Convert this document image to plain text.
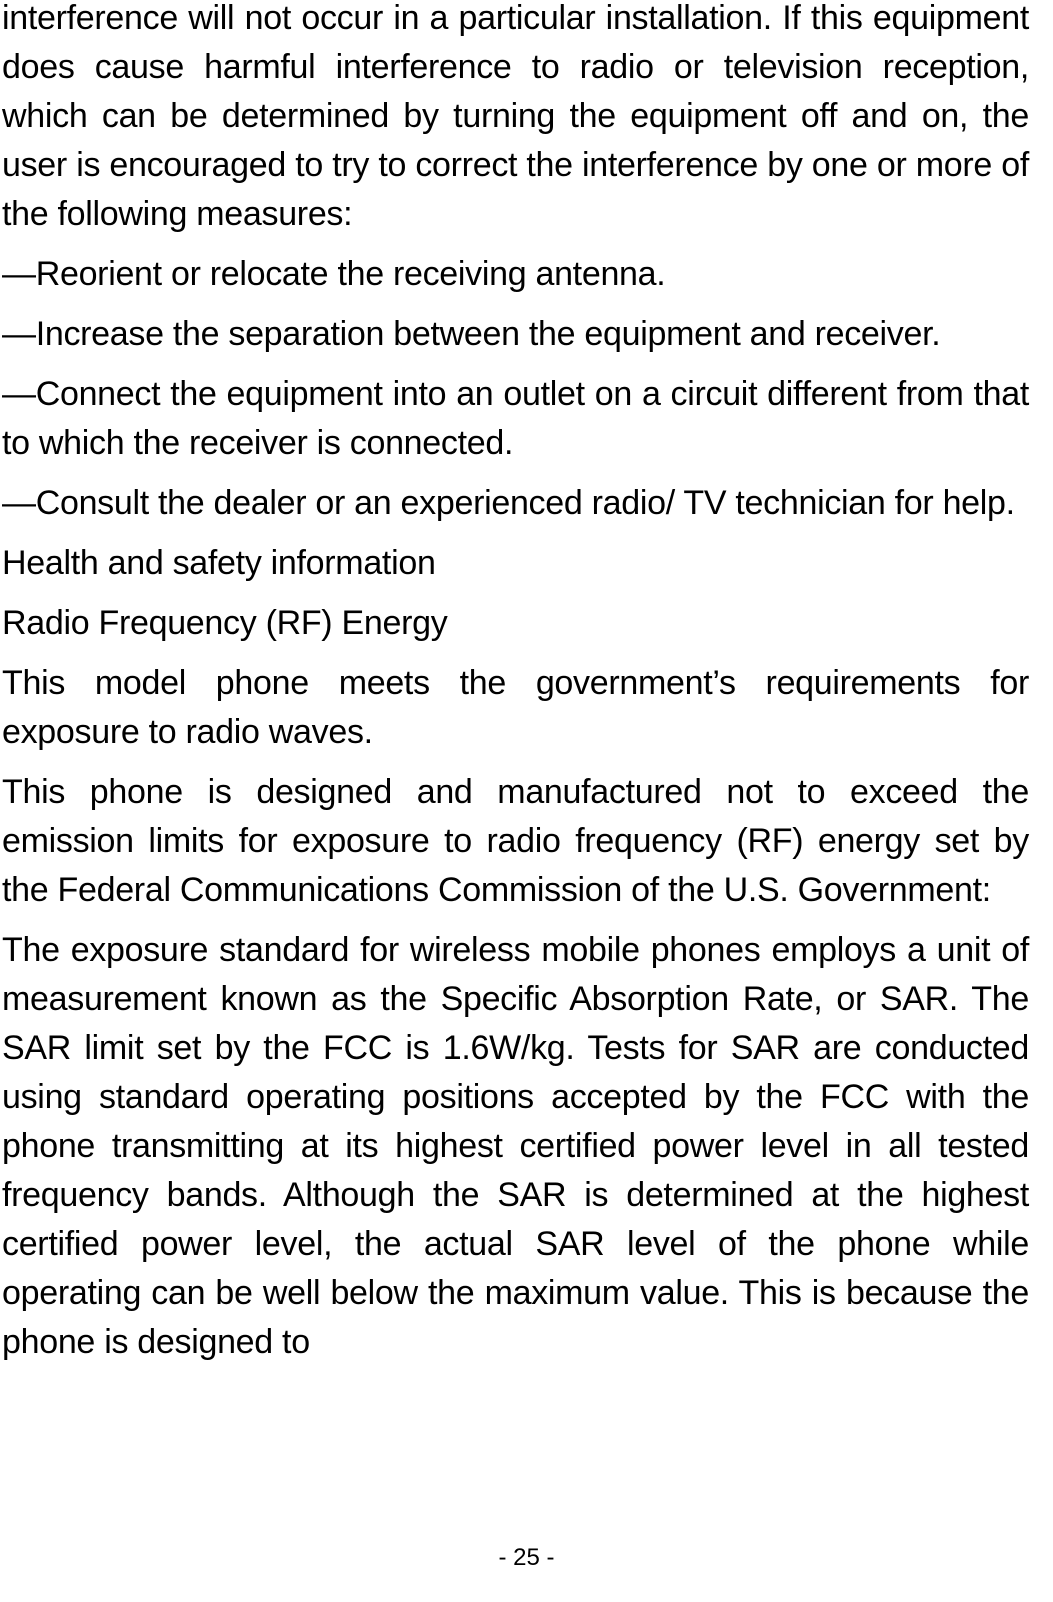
interference will not occur in a particular installation. If this equipment does cause harmful interference to radio or television reception, which can be determined by turning the equipment off and on, the user is encouraged to try to correct the interference by one or more of the following measures:

—Reorient or relocate the receiving antenna.

—Increase the separation between the equipment and receiver.

—Connect the equipment into an outlet on a circuit different from that to which the receiver is connected.

—Consult the dealer or an experienced radio/ TV technician for help.

Health and safety information

Radio Frequency (RF) Energy

This model phone meets the government’s requirements for exposure to radio waves.

This phone is designed and manufactured not to exceed the emission limits for exposure to radio frequency (RF) energy set by the Federal Communications Commission of the U.S. Government:

The exposure standard for wireless mobile phones employs a unit of measurement known as the Specific Absorption Rate, or SAR. The SAR limit set by the FCC is 1.6W/kg. Tests for SAR are conducted using standard operating positions accepted by the FCC with the phone transmitting at its highest certified power level in all tested frequency bands. Although the SAR is determined at the highest certified power level, the actual SAR level of the phone while operating can be well below the maximum value. This is because the phone is designed to

- 25 -
